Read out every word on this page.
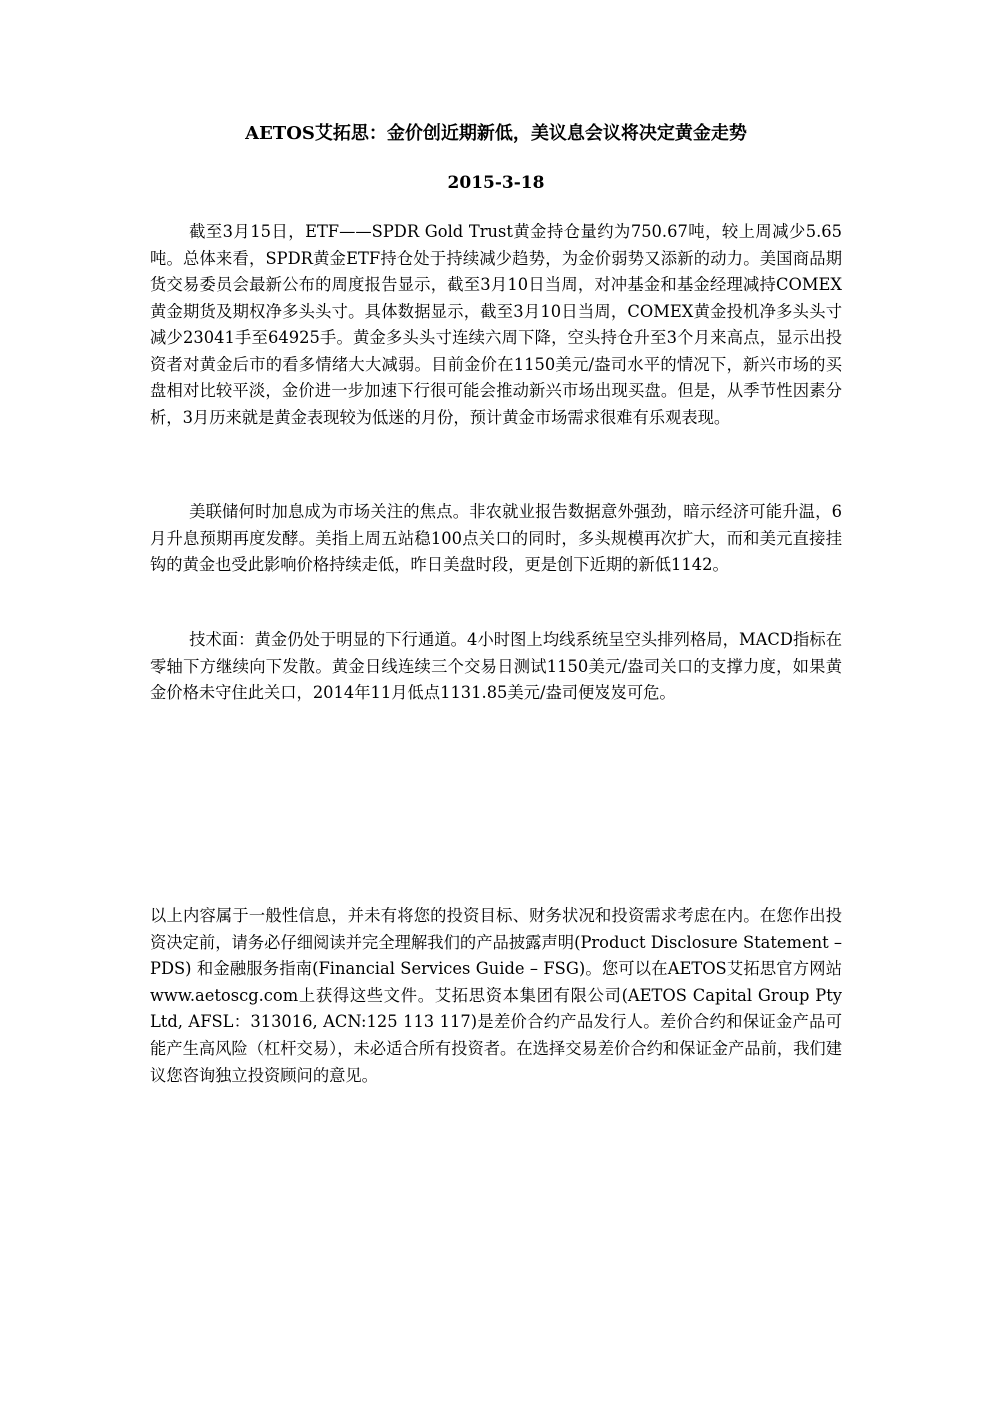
AETOS艾拓思：金价创近期新低，美议息会议将决定黄金走势
2015-3-18

截至3月15日，ETF——SPDR Gold Trust黄金持仓量约为750.67吨，较上周减少5.65吨。总体来看，SPDR黄金ETF持仓处于持续减少趋势，为金价弱势又添新的动力。美国商品期货交易委员会最新公布的周度报告显示，截至3月10日当周，对冲基金和基金经理减持COMEX黄金期货及期权净多头头寸。具体数据显示，截至3月10日当周，COMEX黄金投机净多头头寸减少23041手至64925手。黄金多头头寸连续六周下降，空头持仓升至3个月来高点，显示出投资者对黄金后市的看多情绪大大减弱。目前金价在1150美元/盎司水平的情况下，新兴市场的买盘相对比较平淡，金价进一步加速下行很可能会推动新兴市场出现买盘。但是，从季节性因素分析，3月历来就是黄金表现较为低迷的月份，预计黄金市场需求很难有乐观表现。

美联储何时加息成为市场关注的焦点。非农就业报告数据意外强劲，暗示经济可能升温，6月升息预期再度发酵。美指上周五站稳100点关口的同时，多头规模再次扩大，而和美元直接挂钩的黄金也受此影响价格持续走低，昨日美盘时段，更是创下近期的新低1142。

技术面：黄金仍处于明显的下行通道。4小时图上均线系统呈空头排列格局，MACD指标在零轴下方继续向下发散。黄金日线连续三个交易日测试1150美元/盎司关口的支撑力度，如果黄金价格未守住此关口，2014年11月低点1131.85美元/盎司便岌岌可危。

以上内容属于一般性信息，并未有将您的投资目标、财务状况和投资需求考虑在内。在您作出投资决定前，请务必仔细阅读并完全理解我们的产品披露声明(Product Disclosure Statement – PDS) 和金融服务指南(Financial Services Guide – FSG)。您可以在AETOS艾拓思官方网站www.aetoscg.com上获得这些文件。艾拓思资本集团有限公司(AETOS Capital Group Pty Ltd, AFSL：313016, ACN:125 113 117)是差价合约产品发行人。差价合约和保证金产品可能产生高风险（杠杆交易），未必适合所有投资者。在选择交易差价合约和保证金产品前，我们建议您咨询独立投资顾问的意见。
